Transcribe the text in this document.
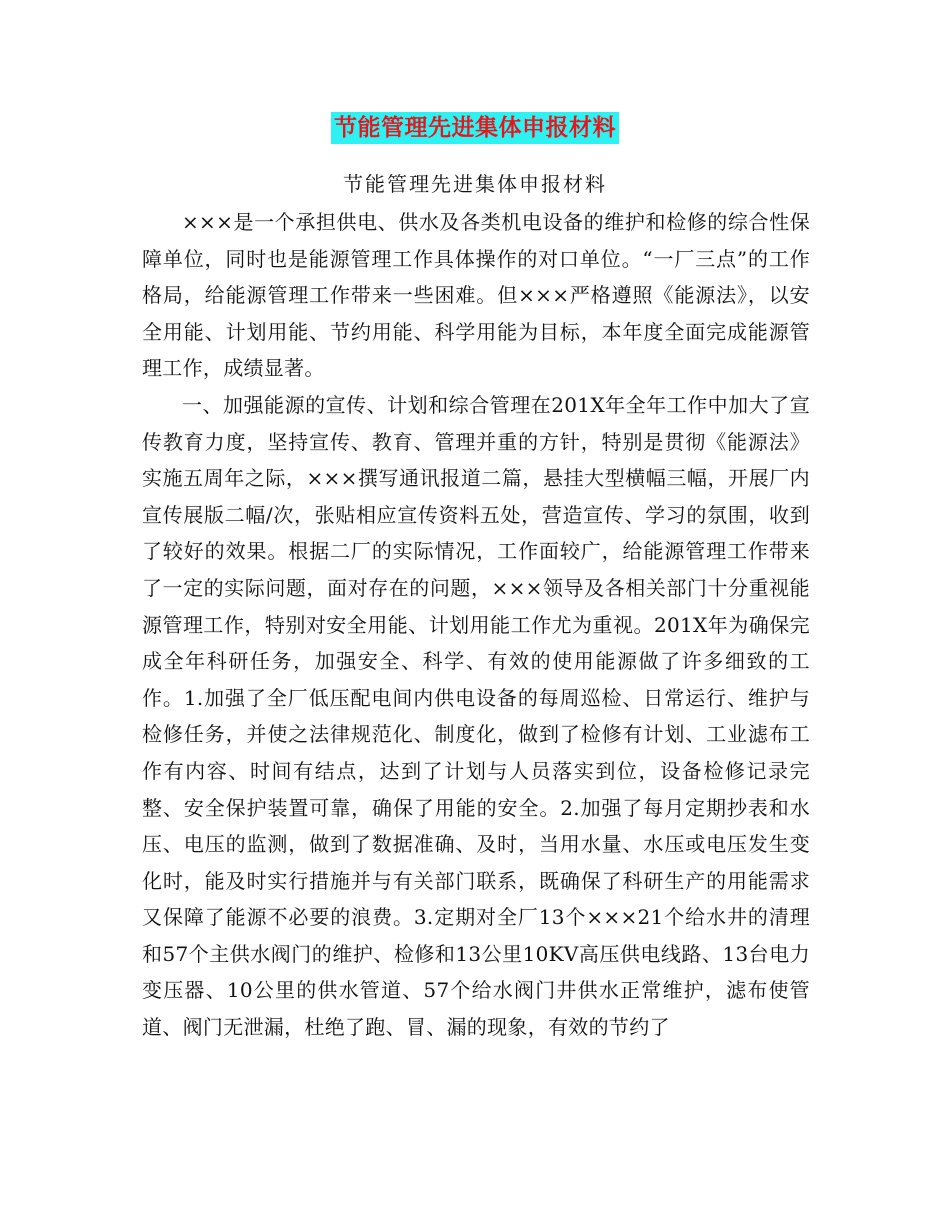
节能管理先进集体申报材料
节能管理先进集体申报材料

×××是一个承担供电、供水及各类机电设备的维护和检修的综合性保障单位，同时也是能源管理工作具体操作的对口单位。“一厂三点”的工作格局，给能源管理工作带来一些困难。但×××严格遵照《能源法》，以安全用能、计划用能、节约用能、科学用能为目标，本年度全面完成能源管理工作，成绩显著。

一、加强能源的宣传、计划和综合管理在201X年全年工作中加大了宣传教育力度，坚持宣传、教育、管理并重的方针，特别是贯彻《能源法》实施五周年之际，×××撰写通讯报道二篇，悬挂大型横幅三幅，开展厂内宣传展版二幅/次，张贴相应宣传资料五处，营造宣传、学习的氛围，收到了较好的效果。根据二厂的实际情况，工作面较广，给能源管理工作带来了一定的实际问题，面对存在的问题，×××领导及各相关部门十分重视能源管理工作，特别对安全用能、计划用能工作尤为重视。201X年为确保完成全年科研任务，加强安全、科学、有效的使用能源做了许多细致的工作。1.加强了全厂低压配电间内供电设备的每周巡检、日常运行、维护与检修任务，并使之法律规范化、制度化，做到了检修有计划、工业滤布工作有内容、时间有结点，达到了计划与人员落实到位，设备检修记录完整、安全保护装置可靠，确保了用能的安全。2.加强了每月定期抄表和水压、电压的监测，做到了数据准确、及时，当用水量、水压或电压发生变化时，能及时实行措施并与有关部门联系，既确保了科研生产的用能需求又保障了能源不必要的浪费。3.定期对全厂13个×××21个给水井的清理和57个主供水阀门的维护、检修和13公里10KV高压供电线路、13台电力变压器、10公里的供水管道、57个给水阀门井供水正常维护，滤布使管道、阀门无泄漏，杜绝了跑、冒、漏的现象，有效的节约了
